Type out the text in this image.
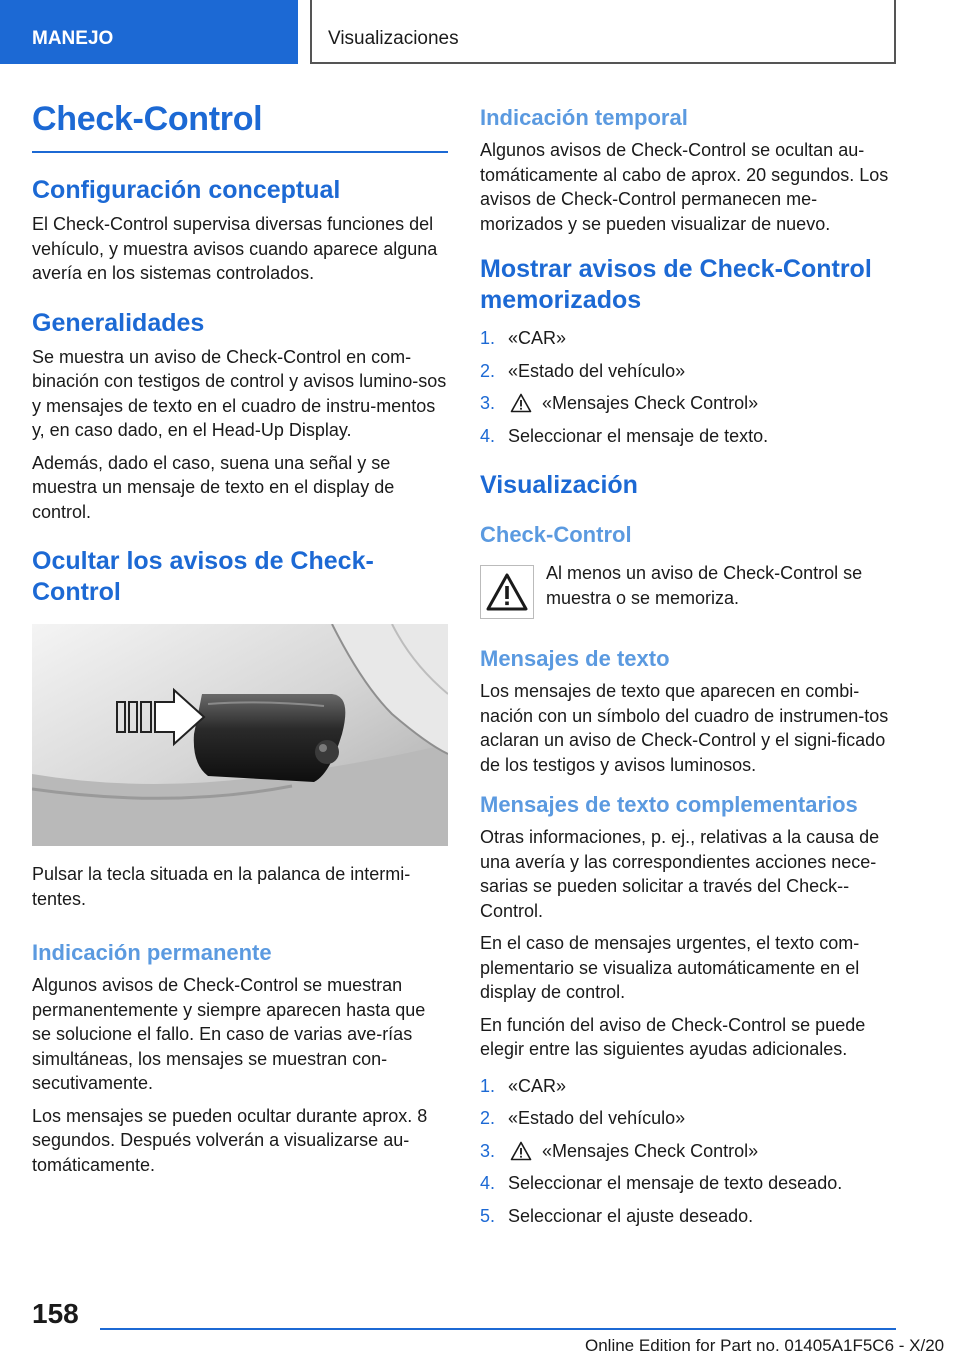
MANEJO	Visualizaciones
Check-Control
Configuración conceptual

El Check-Control supervisa diversas funciones del vehículo, y muestra avisos cuando aparece alguna avería en los sistemas controlados.

Generalidades

Se muestra un aviso de Check-Control en com-binación con testigos de control y avisos lumino-sos y mensajes de texto en el cuadro de instru-mentos y, en caso dado, en el Head-Up Display.

Además, dado el caso, suena una señal y se muestra un mensaje de texto en el display de control.

Ocultar los avisos de Check-Control

Pulsar la tecla situada en la palanca de intermi-tentes.

Indicación permanente

Algunos avisos de Check-Control se muestran permanentemente y siempre aparecen hasta que se solucione el fallo. En caso de varias ave-rías simultáneas, los mensajes se muestran con-secutivamente.

Los mensajes se pueden ocultar durante aprox. 8 segundos. Después volverán a visualizarse au-tomáticamente.

Indicación temporal

Algunos avisos de Check-Control se ocultan au-tomáticamente al cabo de aprox. 20 segundos. Los avisos de Check-Control permanecen me-morizados y se pueden visualizar de nuevo.

Mostrar avisos de Check-Control memorizados
1. «CAR»
2. «Estado del vehículo»
3.	«Mensajes Check Control»
4. Seleccionar el mensaje de texto.
Visualización
Check-Control

Al menos un aviso de Check-Control se muestra o se memoriza.

Mensajes de texto

Los mensajes de texto que aparecen en combi-nación con un símbolo del cuadro de instrumen-tos aclaran un aviso de Check-Control y el signi-ficado de los testigos y avisos luminosos.

Mensajes de texto complementarios

Otras informaciones, p. ej., relativas a la causa de una avería y las correspondientes acciones nece-sarias se pueden solicitar a través del Check--Control.

En el caso de mensajes urgentes, el texto com-plementario se visualiza automáticamente en el display de control.

En función del aviso de Check-Control se puede elegir entre las siguientes ayudas adicionales.

1. «CAR»
2. «Estado del vehículo»
3.	«Mensajes Check Control»
4. Seleccionar el mensaje de texto deseado.
5. Seleccionar el ajuste deseado.
158
Online Edition for Part no. 01405A1F5C6 - X/20
